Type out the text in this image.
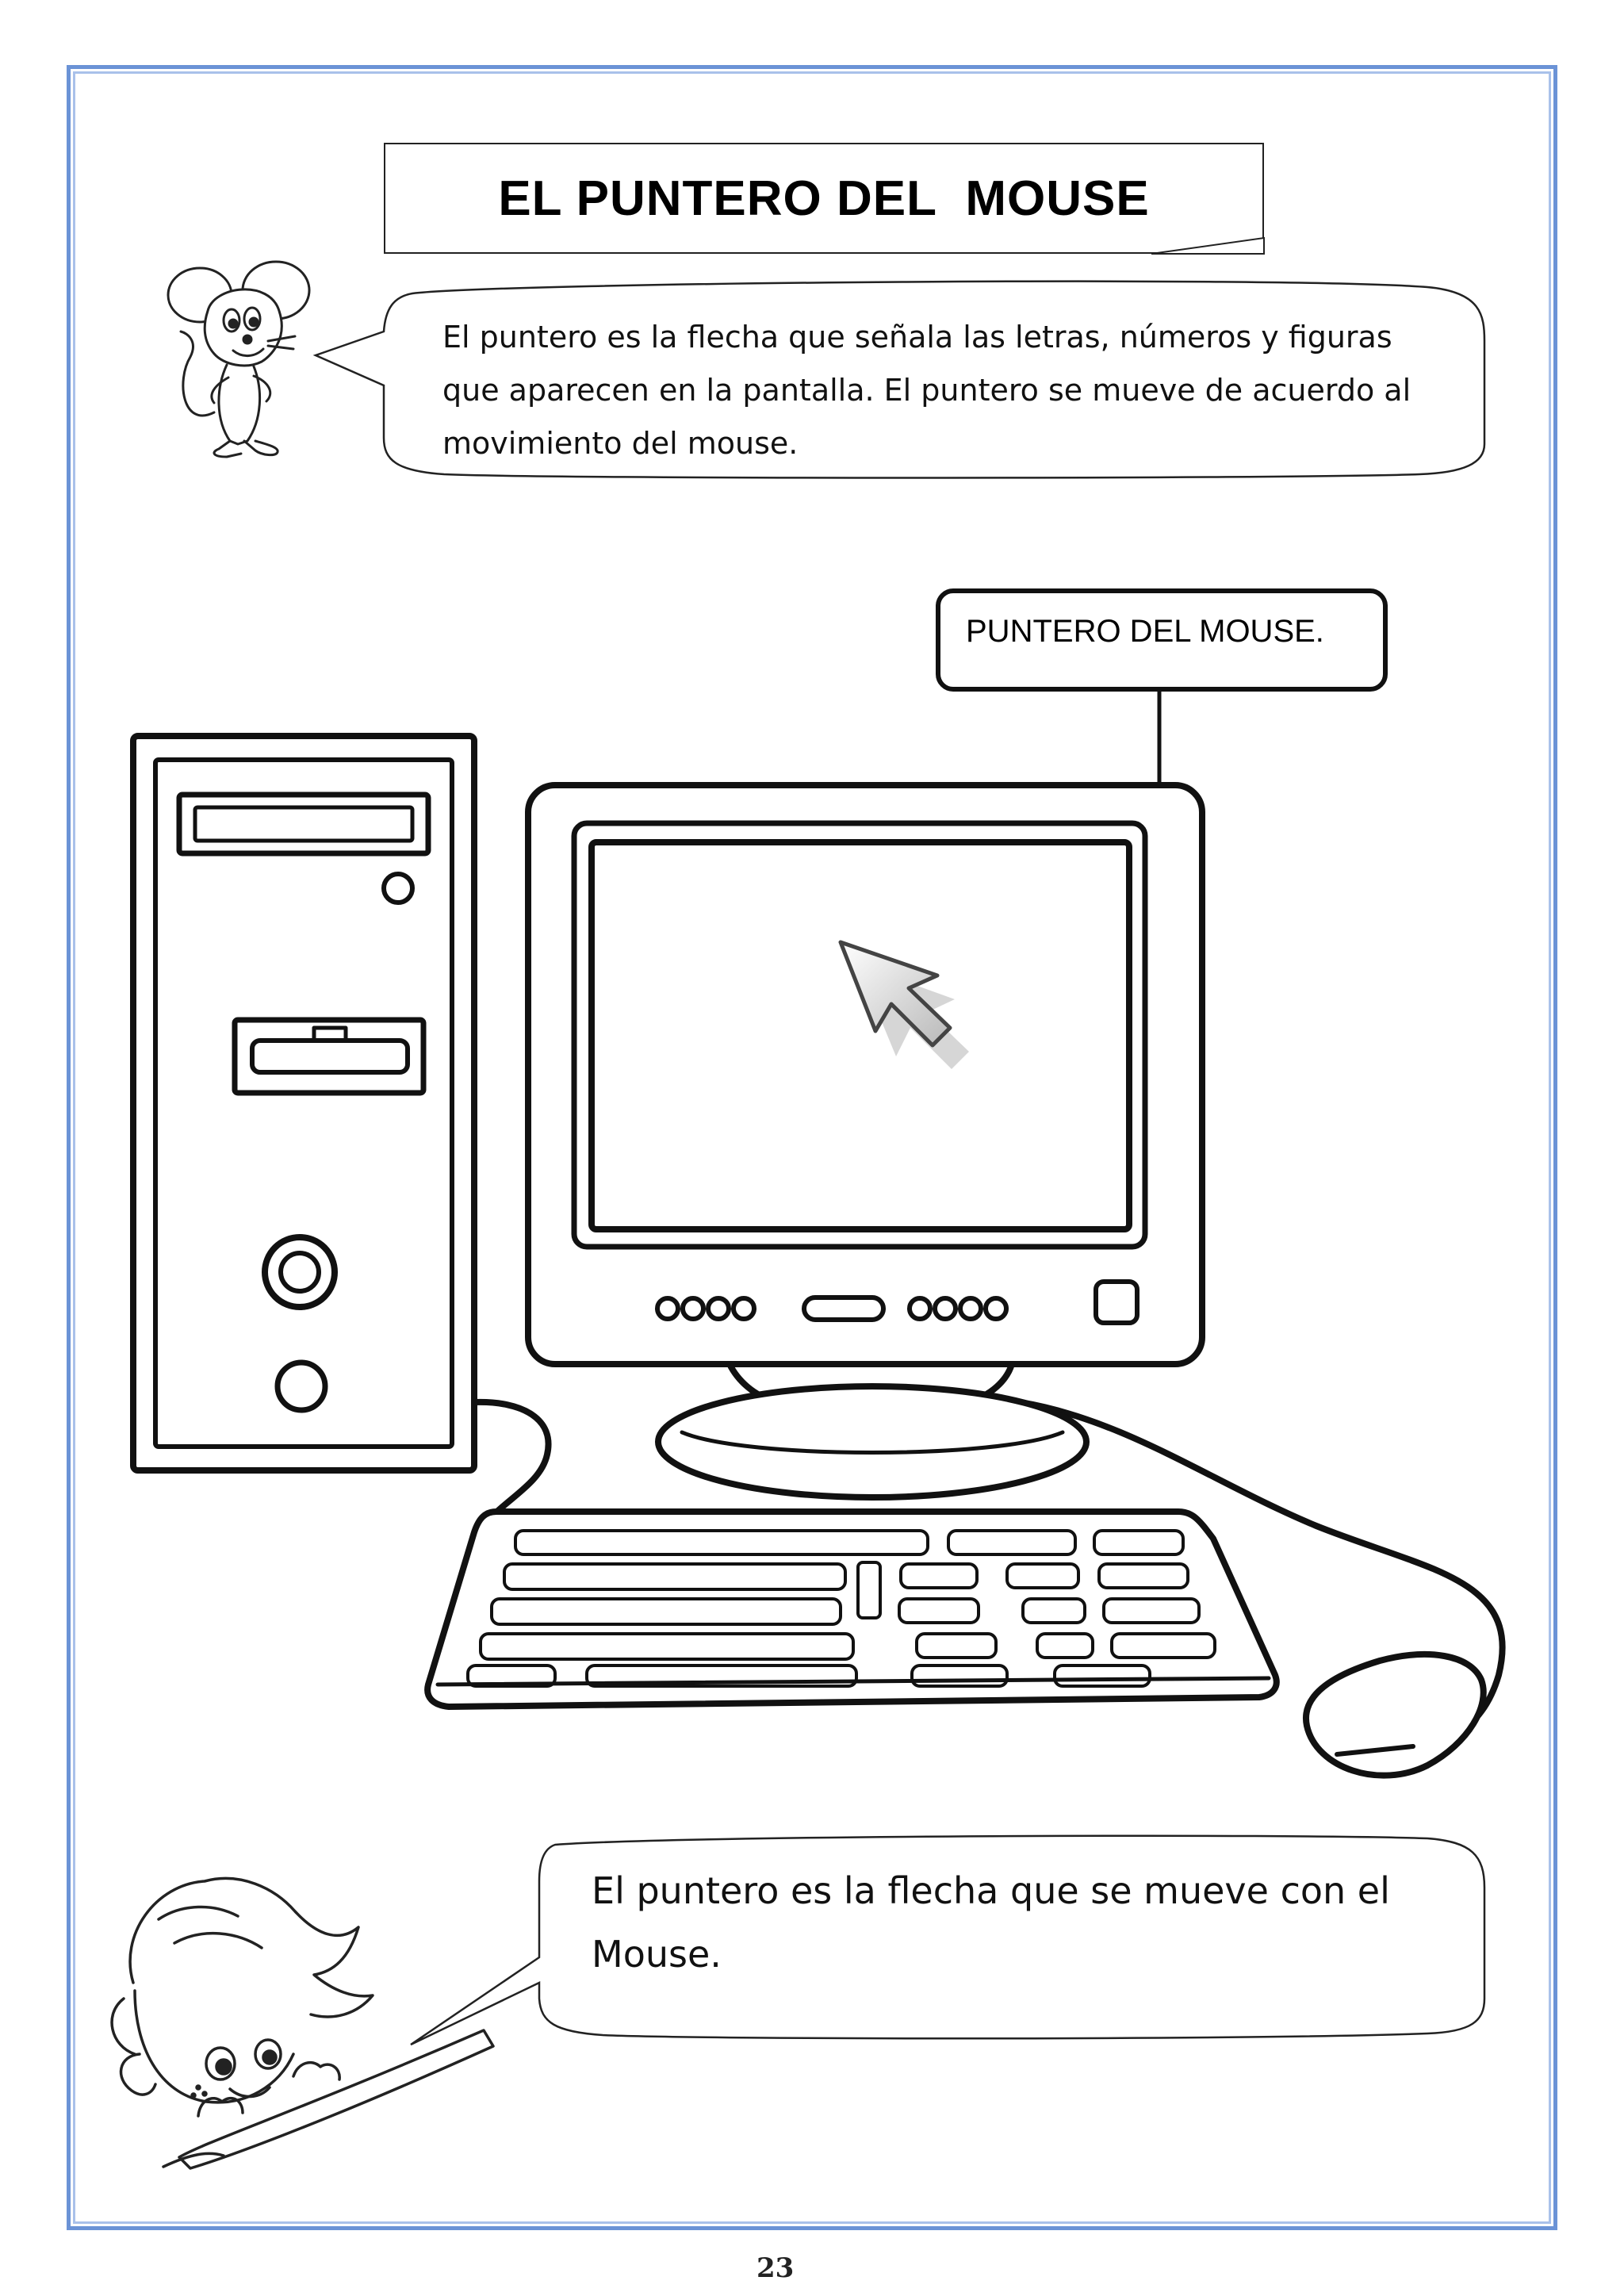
EL PUNTERO DEL  MOUSE
El puntero es la flecha que señala las letras, números y figuras que aparecen en la pantalla. El puntero se mueve de acuerdo al movimiento del mouse.
PUNTERO DEL MOUSE.
El puntero es la flecha que se mueve con el Mouse.
23
